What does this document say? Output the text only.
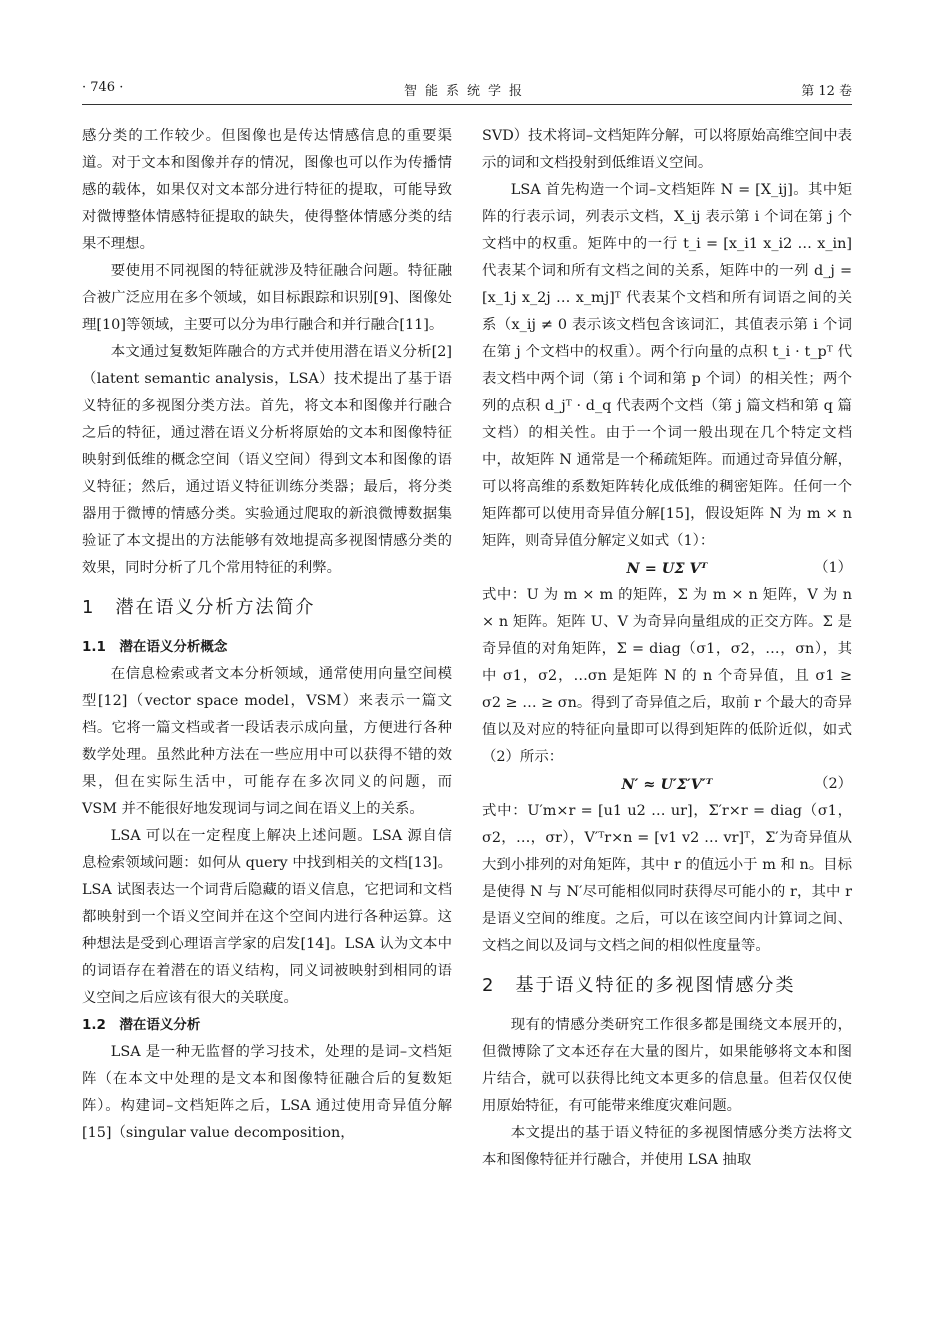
· 746 ·	智能系统学报	第 12 卷

感分类的工作较少。但图像也是传达情感信息的重要渠道。对于文本和图像并存的情况，图像也可以作为传播情感的载体，如果仅对文本部分进行特征的提取，可能导致对微博整体情感特征提取的缺失，使得整体情感分类的结果不理想。

要使用不同视图的特征就涉及特征融合问题。特征融合被广泛应用在多个领域，如目标跟踪和识别[9]、图像处理[10]等领域，主要可以分为串行融合和并行融合[11]。

本文通过复数矩阵融合的方式并使用潜在语义分析[2]（latent semantic analysis，LSA）技术提出了基于语义特征的多视图分类方法。首先，将文本和图像并行融合之后的特征，通过潜在语义分析将原始的文本和图像特征映射到低维的概念空间（语义空间）得到文本和图像的语义特征；然后，通过语义特征训练分类器；最后，将分类器用于微博的情感分类。实验通过爬取的新浪微博数据集验证了本文提出的方法能够有效地提高多视图情感分类的效果，同时分析了几个常用特征的利弊。

1　潜在语义分析方法简介
1.1　潜在语义分析概念

在信息检索或者文本分析领域，通常使用向量空间模型[12]（vector space model，VSM）来表示一篇文档。它将一篇文档或者一段话表示成向量，方便进行各种数学处理。虽然此种方法在一些应用中可以获得不错的效果，但在实际生活中，可能存在多次同义的问题，而 VSM 并不能很好地发现词与词之间在语义上的关系。

LSA 可以在一定程度上解决上述问题。LSA 源自信息检索领域问题：如何从 query 中找到相关的文档[13]。LSA 试图表达一个词背后隐藏的语义信息，它把词和文档都映射到一个语义空间并在这个空间内进行各种运算。这种想法是受到心理语言学家的启发[14]。LSA 认为文本中的词语存在着潜在的语义结构，同义词被映射到相同的语义空间之后应该有很大的关联度。

1.2　潜在语义分析

LSA 是一种无监督的学习技术，处理的是词–文档矩阵（在本文中处理的是文本和图像特征融合后的复数矩阵）。构建词–文档矩阵之后，LSA 通过使用奇异值分解[15]（singular value decomposition，

SVD）技术将词–文档矩阵分解，可以将原始高维空间中表示的词和文档投射到低维语义空间。

LSA 首先构造一个词–文档矩阵 N = [X_ij]。其中矩阵的行表示词，列表示文档，X_ij 表示第 i 个词在第 j 个文档中的权重。矩阵中的一行 t_i = [x_i1 x_i2 … x_in] 代表某个词和所有文档之间的关系，矩阵中的一列 d_j = [x_1j x_2j … x_mj]ᵀ 代表某个文档和所有词语之间的关系（x_ij ≠ 0 表示该文档包含该词汇，其值表示第 i 个词在第 j 个文档中的权重）。两个行向量的点积 t_i · t_pᵀ 代表文档中两个词（第 i 个词和第 p 个词）的相关性；两个列的点积 d_jᵀ · d_q 代表两个文档（第 j 篇文档和第 q 篇文档）的相关性。由于一个词一般出现在几个特定文档中，故矩阵 N 通常是一个稀疏矩阵。而通过奇异值分解，可以将高维的系数矩阵转化成低维的稠密矩阵。任何一个矩阵都可以使用奇异值分解[15]，假设矩阵 N 为 m × n 矩阵，则奇异值分解定义如式（1）：

N = UΣ Vᵀ	（1）

式中：U 为 m × m 的矩阵，Σ 为 m × n 矩阵，V 为 n × n 矩阵。矩阵 U、V 为奇异向量组成的正交方阵。Σ 是奇异值的对角矩阵，Σ = diag（σ1，σ2，…，σn），其中 σ1，σ2，…σn 是矩阵 N 的 n 个奇异值，且 σ1 ≥ σ2 ≥ … ≥ σn。得到了奇异值之后，取前 r 个最大的奇异值以及对应的特征向量即可以得到矩阵的低阶近似，如式（2）所示：

N′ ≈ U′Σ′V′ᵀ	（2）

式中：U′m×r = [u1 u2 … ur]，Σ′r×r = diag（σ1，σ2，…，σr），V′ᵀr×n = [v1 v2 … vr]ᵀ，Σ′为奇异值从大到小排列的对角矩阵，其中 r 的值远小于 m 和 n。目标是使得 N 与 N′尽可能相似同时获得尽可能小的 r，其中 r 是语义空间的维度。之后，可以在该空间内计算词之间、文档之间以及词与文档之间的相似性度量等。

2　基于语义特征的多视图情感分类

现有的情感分类研究工作很多都是围绕文本展开的，但微博除了文本还存在大量的图片，如果能够将文本和图片结合，就可以获得比纯文本更多的信息量。但若仅仅使用原始特征，有可能带来维度灾难问题。

本文提出的基于语义特征的多视图情感分类方法将文本和图像特征并行融合，并使用 LSA 抽取
